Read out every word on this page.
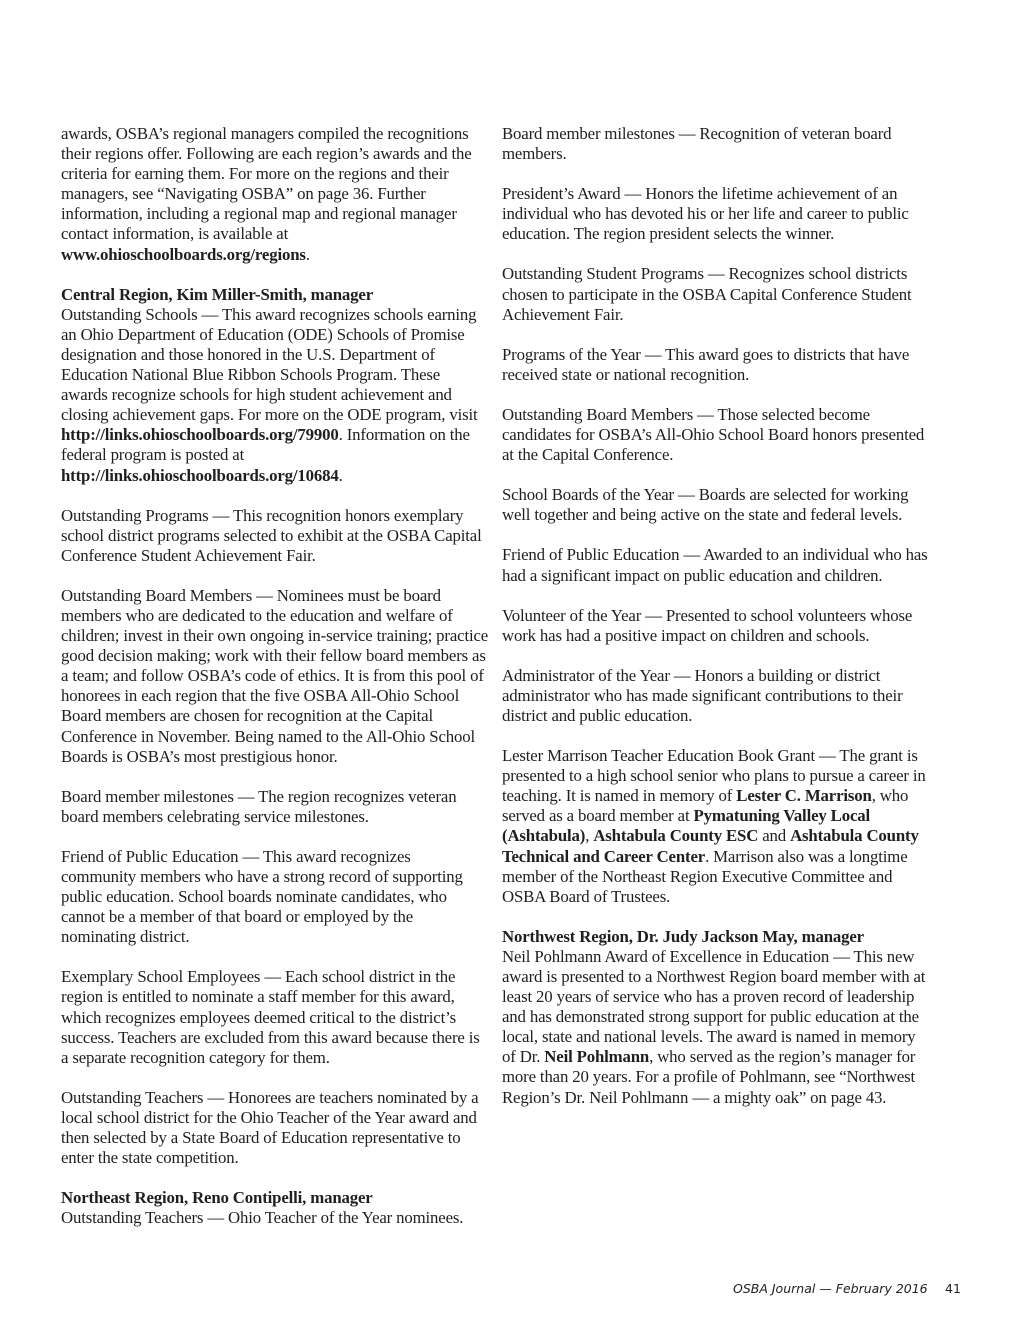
awards, OSBA’s regional managers compiled the recognitions their regions offer. Following are each region’s awards and the criteria for earning them. For more on the regions and their managers, see “Navigating OSBA” on page 36. Further information, including a regional map and regional manager contact information, is available at www.ohioschoolboards.org/regions.

Central Region, Kim Miller-Smith, manager
Outstanding Schools — This award recognizes schools earning an Ohio Department of Education (ODE) Schools of Promise designation and those honored in the U.S. Department of Education National Blue Ribbon Schools Program. These awards recognize schools for high student achievement and closing achievement gaps. For more on the ODE program, visit http://links.ohioschoolboards.org/79900. Information on the federal program is posted at http://links.ohioschoolboards.org/10684.

Outstanding Programs — This recognition honors exemplary school district programs selected to exhibit at the OSBA Capital Conference Student Achievement Fair.

Outstanding Board Members — Nominees must be board members who are dedicated to the education and welfare of children; invest in their own ongoing in-service training; practice good decision making; work with their fellow board members as a team; and follow OSBA’s code of ethics. It is from this pool of honorees in each region that the five OSBA All-Ohio School Board members are chosen for recognition at the Capital Conference in November. Being named to the All-Ohio School Boards is OSBA’s most prestigious honor.

Board member milestones — The region recognizes veteran board members celebrating service milestones.

Friend of Public Education — This award recognizes community members who have a strong record of supporting public education. School boards nominate candidates, who cannot be a member of that board or employed by the nominating district.

Exemplary School Employees — Each school district in the region is entitled to nominate a staff member for this award, which recognizes employees deemed critical to the district’s success. Teachers are excluded from this award because there is a separate recognition category for them.

Outstanding Teachers — Honorees are teachers nominated by a local school district for the Ohio Teacher of the Year award and then selected by a State Board of Education representative to enter the state competition.

Northeast Region, Reno Contipelli, manager
Outstanding Teachers — Ohio Teacher of the Year nominees.

Board member milestones — Recognition of veteran board members.

President’s Award — Honors the lifetime achievement of an individual who has devoted his or her life and career to public education. The region president selects the winner.

Outstanding Student Programs — Recognizes school districts chosen to participate in the OSBA Capital Conference Student Achievement Fair.

Programs of the Year — This award goes to districts that have received state or national recognition.

Outstanding Board Members — Those selected become candidates for OSBA’s All-Ohio School Board honors presented at the Capital Conference.

School Boards of the Year — Boards are selected for working well together and being active on the state and federal levels.

Friend of Public Education — Awarded to an individual who has had a significant impact on public education and children.

Volunteer of the Year — Presented to school volunteers whose work has had a positive impact on children and schools.

Administrator of the Year — Honors a building or district administrator who has made significant contributions to their district and public education.

Lester Marrison Teacher Education Book Grant — The grant is presented to a high school senior who plans to pursue a career in teaching. It is named in memory of Lester C. Marrison, who served as a board member at Pymatuning Valley Local (Ashtabula), Ashtabula County ESC and Ashtabula County Technical and Career Center. Marrison also was a longtime member of the Northeast Region Executive Committee and OSBA Board of Trustees.

Northwest Region, Dr. Judy Jackson May, manager
Neil Pohlmann Award of Excellence in Education — This new award is presented to a Northwest Region board member with at least 20 years of service who has a proven record of leadership and has demonstrated strong support for public education at the local, state and national levels. The award is named in memory of Dr. Neil Pohlmann, who served as the region’s manager for more than 20 years. For a profile of Pohlmann, see “Northwest Region’s Dr. Neil Pohlmann — a mighty oak” on page 43.

OSBA Journal — February 2016 41
